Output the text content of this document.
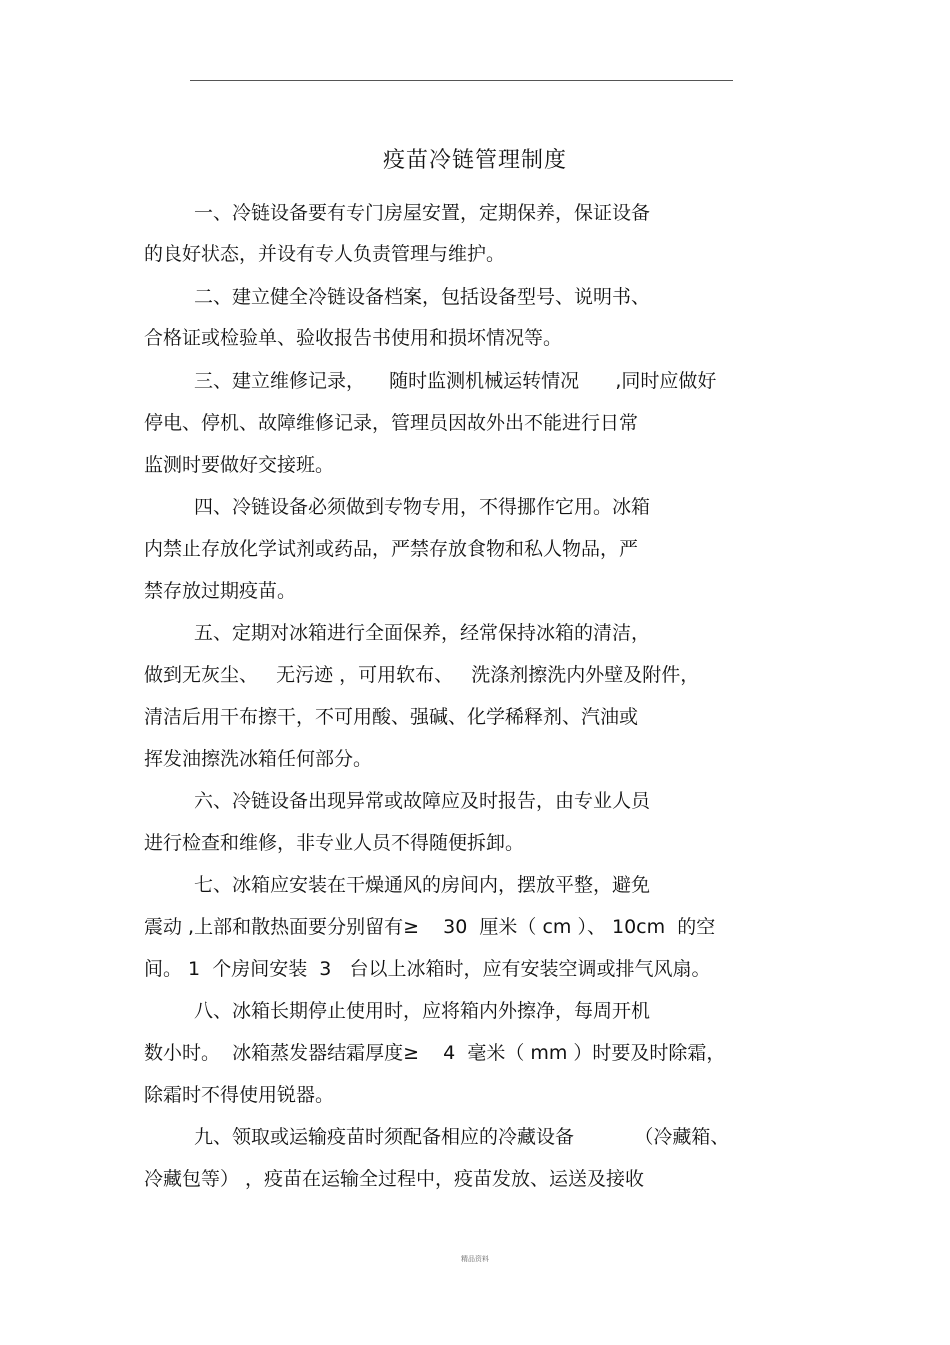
疫苗冷链管理制度
一、冷链设备要有专门房屋安置，定期保养，保证设备
的良好状态，并设有专人负责管理与维护。
二、建立健全冷链设备档案，包括设备型号、说明书、
合格证或检验单、验收报告书使用和损坏情况等。
三、建立维修记录，    随时监测机械运转情况      ,同时应做好
停电、停机、故障维修记录，管理员因故外出不能进行日常
监测时要做好交接班。
四、冷链设备必须做到专物专用，不得挪作它用。冰箱
内禁止存放化学试剂或药品，严禁存放食物和私人物品，严
禁存放过期疫苗。
五、定期对冰箱进行全面保养，经常保持冰箱的清洁，
做到无灰尘、   无污迹 ，可用软布、   洗涤剂擦洗内外壁及附件，
清洁后用干布擦干，不可用酸、强碱、化学稀释剂、汽油或
挥发油擦洗冰箱任何部分。
六、冷链设备出现异常或故障应及时报告，由专业人员
进行检查和维修，非专业人员不得随便拆卸。
七、冰箱应安装在干燥通风的房间内，摆放平整，避免
震动 ,上部和散热面要分别留有≥    30  厘米（ cm ）、 10cm  的空
间。 1  个房间安装  3   台以上冰箱时，应有安装空调或排气风扇。
八、冰箱长期停止使用时，应将箱内外擦净，每周开机
数小时。  冰箱蒸发器结霜厚度≥    4  毫米（ mm ）时要及时除霜，
除霜时不得使用锐器。
九、领取或运输疫苗时须配备相应的冷藏设备          （冷藏箱、
冷藏包等） ，疫苗在运输全过程中，疫苗发放、运送及接收
精品资料
